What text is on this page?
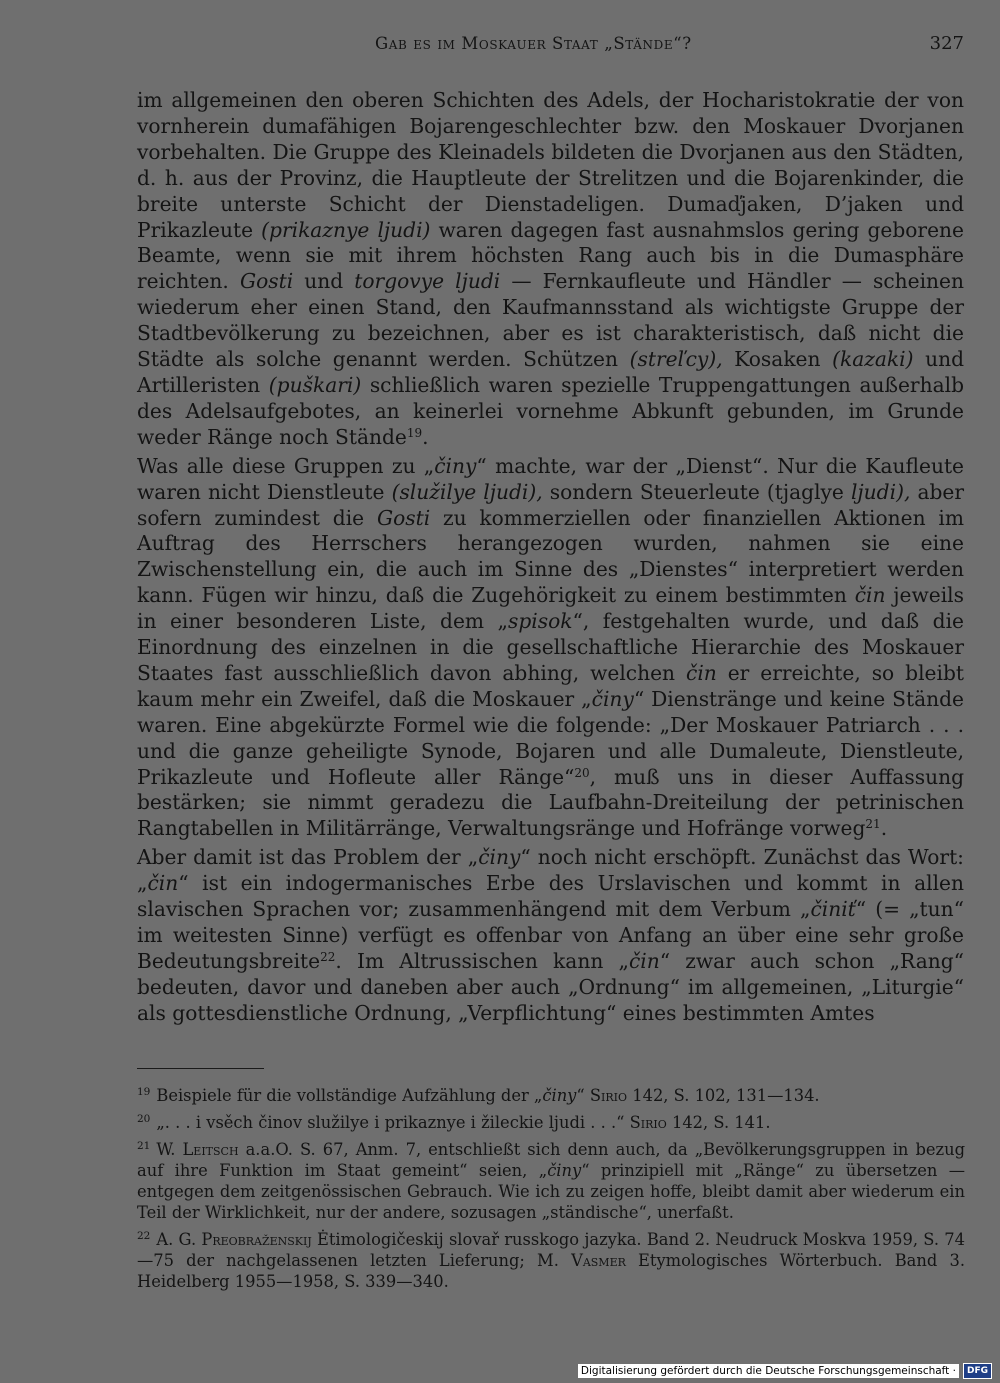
Gab es im Moskauer Staat „Stände“?	327

im allgemeinen den oberen Schichten des Adels, der Hocharistokratie der von vornherein dumafähigen Bojarengeschlechter bzw. den Moskauer Dvorjanen vorbehalten. Die Gruppe des Kleinadels bildeten die Dvorjanen aus den Städten, d. h. aus der Provinz, die Hauptleute der Strelitzen und die Bojarenkinder, die breite unterste Schicht der Dienstadeligen. Dumaďjaken, D’jaken und Prikazleute (prikaznye ljudi) waren dagegen fast ausnahmslos gering geborene Beamte, wenn sie mit ihrem höchsten Rang auch bis in die Dumasphäre reichten. Gosti und torgovye ljudi — Fernkaufleute und Händler — scheinen wiederum eher einen Stand, den Kaufmannsstand als wichtigste Gruppe der Stadtbevölkerung zu bezeichnen, aber es ist charakteristisch, daß nicht die Städte als solche genannt werden. Schützen (streľcy), Kosaken (kazaki) und Artilleristen (puškari) schließlich waren spezielle Truppengattungen außerhalb des Adelsaufgebotes, an keinerlei vornehme Abkunft gebunden, im Grunde weder Ränge noch Stände$^{19}$.

Was alle diese Gruppen zu „činy“ machte, war der „Dienst“. Nur die Kaufleute waren nicht Dienstleute (služilye ljudi), sondern Steuerleute (tjaglye ljudi), aber sofern zumindest die Gosti zu kommerziellen oder finanziellen Aktionen im Auftrag des Herrschers herangezogen wurden, nahmen sie eine Zwischenstellung ein, die auch im Sinne des „Dienstes“ interpretiert werden kann. Fügen wir hinzu, daß die Zugehörigkeit zu einem bestimmten čin jeweils in einer besonderen Liste, dem „spisok“, festgehalten wurde, und daß die Einordnung des einzelnen in die gesellschaftliche Hierarchie des Moskauer Staates fast ausschließlich davon abhing, welchen čin er erreichte, so bleibt kaum mehr ein Zweifel, daß die Moskauer „činy“ Dienstränge und keine Stände waren. Eine abgekürzte Formel wie die folgende: „Der Moskauer Patriarch . . . und die ganze geheiligte Synode, Bojaren und alle Dumaleute, Dienstleute, Prikazleute und Hofleute aller Ränge“$^{20}$, muß uns in dieser Auffassung bestärken; sie nimmt geradezu die Laufbahn-Dreiteilung der petrinischen Rangtabellen in Militärränge, Verwaltungsränge und Hofränge vorweg$^{21}$.

Aber damit ist das Problem der „činy“ noch nicht erschöpft. Zunächst das Wort: „čin“ ist ein indogermanisches Erbe des Urslavischen und kommt in allen slavischen Sprachen vor; zusammenhängend mit dem Verbum „činiť“ (= „tun“ im weitesten Sinne) verfügt es offenbar von Anfang an über eine sehr große Bedeutungsbreite$^{22}$. Im Altrussischen kann „čin“ zwar auch schon „Rang“ bedeuten, davor und daneben aber auch „Ordnung“ im allgemeinen, „Liturgie“ als gottesdienstliche Ordnung, „Verpflichtung“ eines bestimmten Amtes

$^{19}$ Beispiele für die vollständige Aufzählung der „činy“ Sirio 142, S. 102, 131—134.

$^{20}$ „. . . i vsěch činov služilye i prikaznye i žileckie ljudi . . .“ Sirio 142, S. 141.

$^{21}$ W. Leitsch a.a.O. S. 67, Anm. 7, entschließt sich denn auch, da „Bevölkerungsgruppen in bezug auf ihre Funktion im Staat gemeint“ seien, „činy“ prinzipiell mit „Ränge“ zu übersetzen — entgegen dem zeitgenössischen Gebrauch. Wie ich zu zeigen hoffe, bleibt damit aber wiederum ein Teil der Wirklichkeit, nur der andere, sozusagen „ständische“, unerfaßt.

$^{22}$ A. G. Preobraženskij Ėtimologičeskij slovař russkogo jazyka. Band 2. Neudruck Moskva 1959, S. 74—75 der nachgelassenen letzten Lieferung; M. Vasmer Etymologisches Wörterbuch. Band 3. Heidelberg 1955—1958, S. 339—340.

Digitalisierung gefördert durch die Deutsche Forschungsgemeinschaft ·	DFG
